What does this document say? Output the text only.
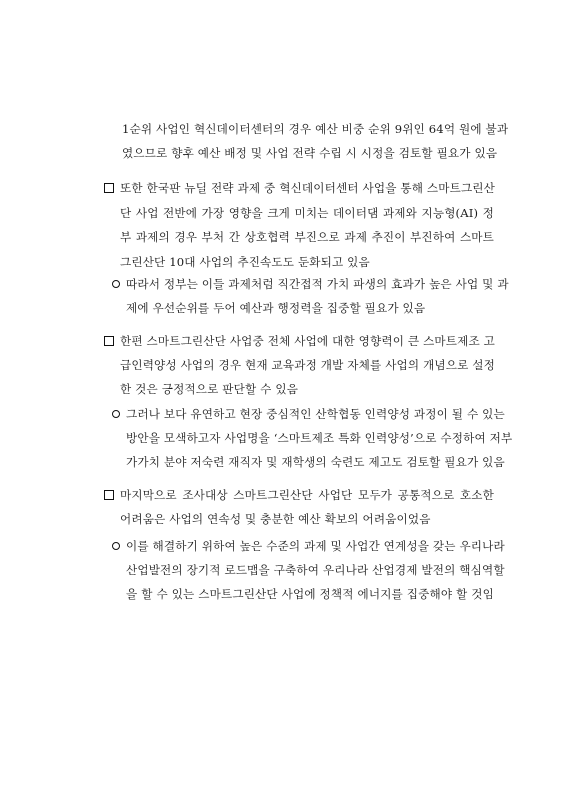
1순위 사업인 혁신데이터센터의 경우 예산 비중 순위 9위인 64억 원에 불과
였으므로 향후 예산 배정 및 사업 전략 수립 시 시정을 검토할 필요가 있음
또한 한국판 뉴딜 전략 과제 중 혁신데이터센터 사업을 통해 스마트그린산
단 사업 전반에 가장 영향을 크게 미치는 데이터댐 과제와 지능형(AI) 정
부 과제의 경우 부처 간 상호협력 부진으로 과제 추진이 부진하여 스마트
그린산단 10대 사업의 추진속도도 둔화되고 있음
따라서 정부는 이들 과제처럼 직간접적 가치 파생의 효과가 높은 사업 및 과
제에 우선순위를 두어 예산과 행정력을 집중할 필요가 있음
한편 스마트그린산단 사업중 전체 사업에 대한 영향력이 큰 스마트제조 고
급인력양성 사업의 경우 현재 교육과정 개발 자체를 사업의 개념으로 설정
한 것은 긍정적으로 판단할 수 있음
그러나 보다 유연하고 현장 중심적인 산학협동 인력양성 과정이 될 수 있는
방안을 모색하고자 사업명을 ‘스마트제조 특화 인력양성’으로 수정하여 저부
가가치 분야 저숙련 재직자 및 재학생의 숙련도 제고도 검토할 필요가 있음
마지막으로 조사대상 스마트그린산단 사업단 모두가 공통적으로 호소한
어려움은 사업의 연속성 및 충분한 예산 확보의 어려움이었음
이를 해결하기 위하여 높은 수준의 과제 및 사업간 연계성을 갖는 우리나라
산업발전의 장기적 로드맵을 구축하여 우리나라 산업경제 발전의 핵심역할
을 할 수 있는 스마트그린산단 사업에 정책적 에너지를 집중해야 할 것임
